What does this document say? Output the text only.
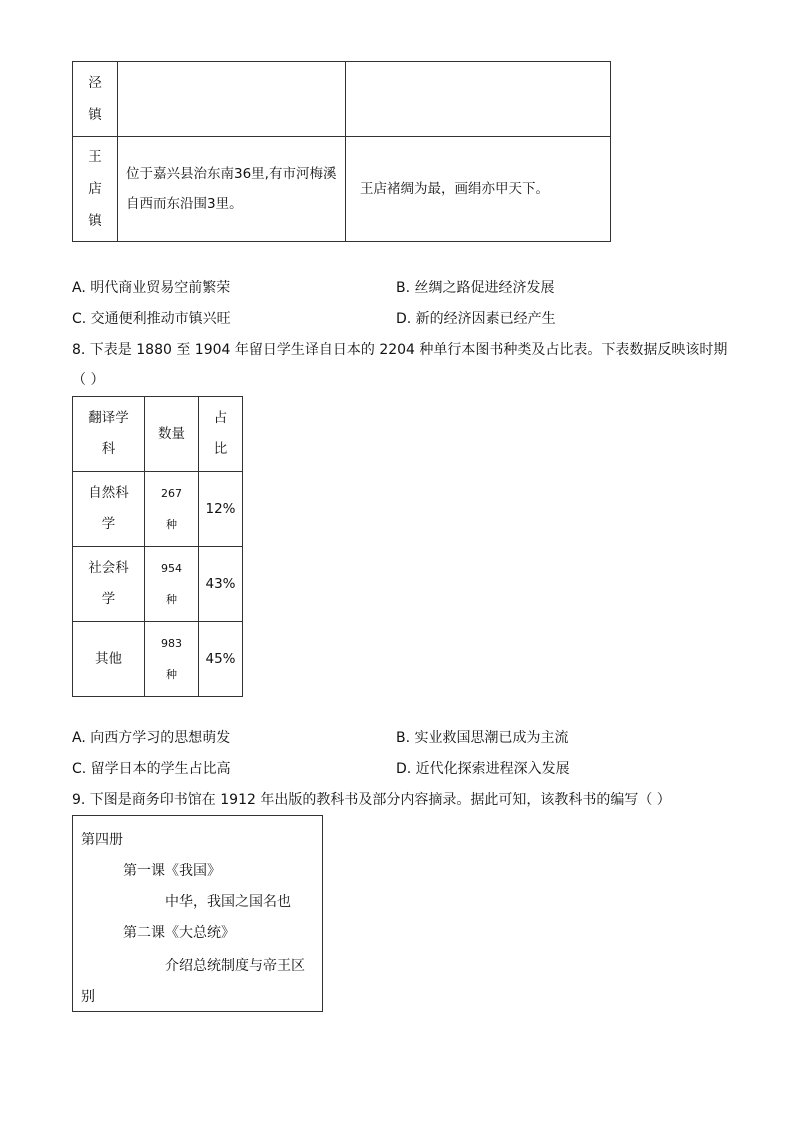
泾镇		
王店镇	位于嘉兴县治东南36里,有市河梅溪自西而东沿围3里。	王店褚绸为最，画绢亦甲天下。
A. 明代商业贸易空前繁荣	B. 丝绸之路促进经济发展
C. 交通便利推动市镇兴旺	D. 新的经济因素已经产生
8. 下表是 1880 至 1904 年留日学生译自日本的 2204 种单行本图书种类及占比表。下表数据反映该时期
（ ）
翻译学科	数量	占比
自然科学	267种	12%
社会科学	954种	43%
其他	983种	45%
A. 向西方学习的思想萌发	B. 实业救国思潮已成为主流
C. 留学日本的学生占比高	D. 近代化探索进程深入发展
9. 下图是商务印书馆在 1912 年出版的教科书及部分内容摘录。据此可知，该教科书的编写（ ）
第四册
第一课《我国》
中华，我国之国名也
第二课《大总统》
介绍总统制度与帝王区
别
